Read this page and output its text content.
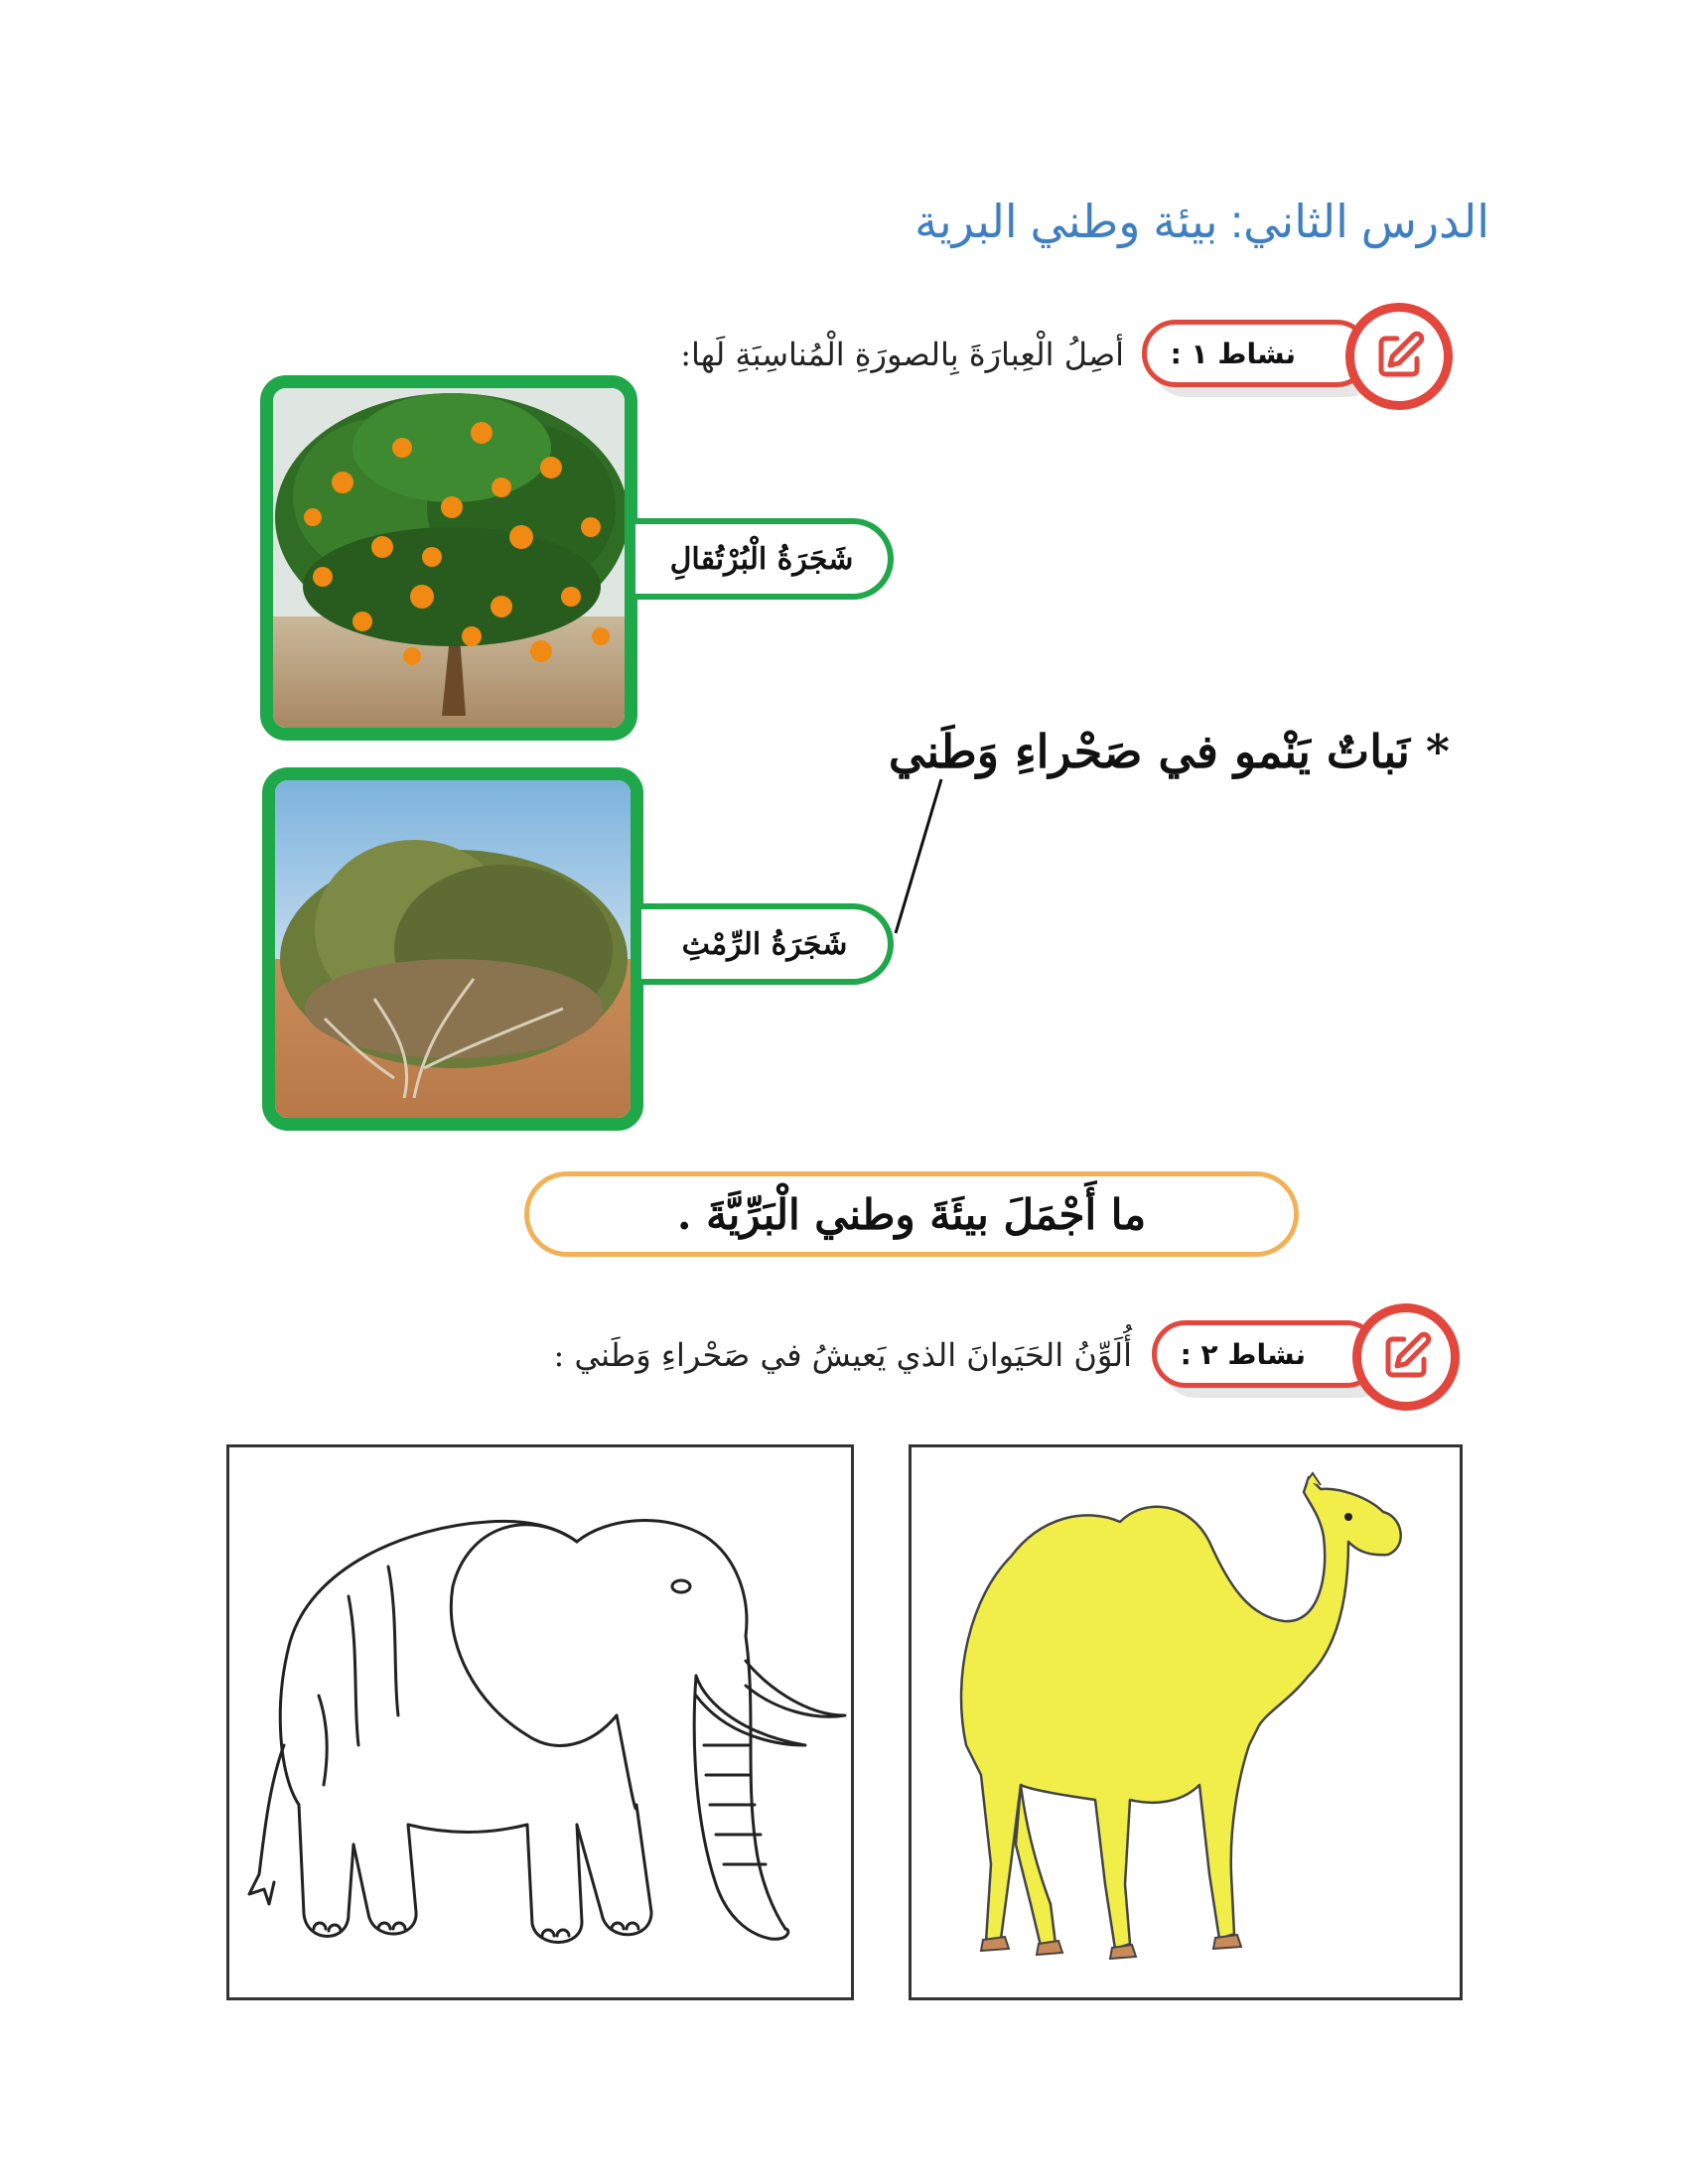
الدرس الثاني: بيئة وطني البرية
نشاط ١ :
أصِلُ الْعِبارَةَ بِالصورَةِ الْمُناسِبَةِ لَها:
شَجَرَةُ الْبُرْتُقالِ
شَجَرَةُ الرِّمْثِ
* نَباتٌ يَنْمو في صَحْراءِ وَطَني
ما أَجْمَلَ بيئَةَ وطني الْبَرِّيَّةَ .
نشاط ٢ :
أُلَوِّنُ الحَيَوانَ الذي يَعيشُ في صَحْراءِ وَطَني :
